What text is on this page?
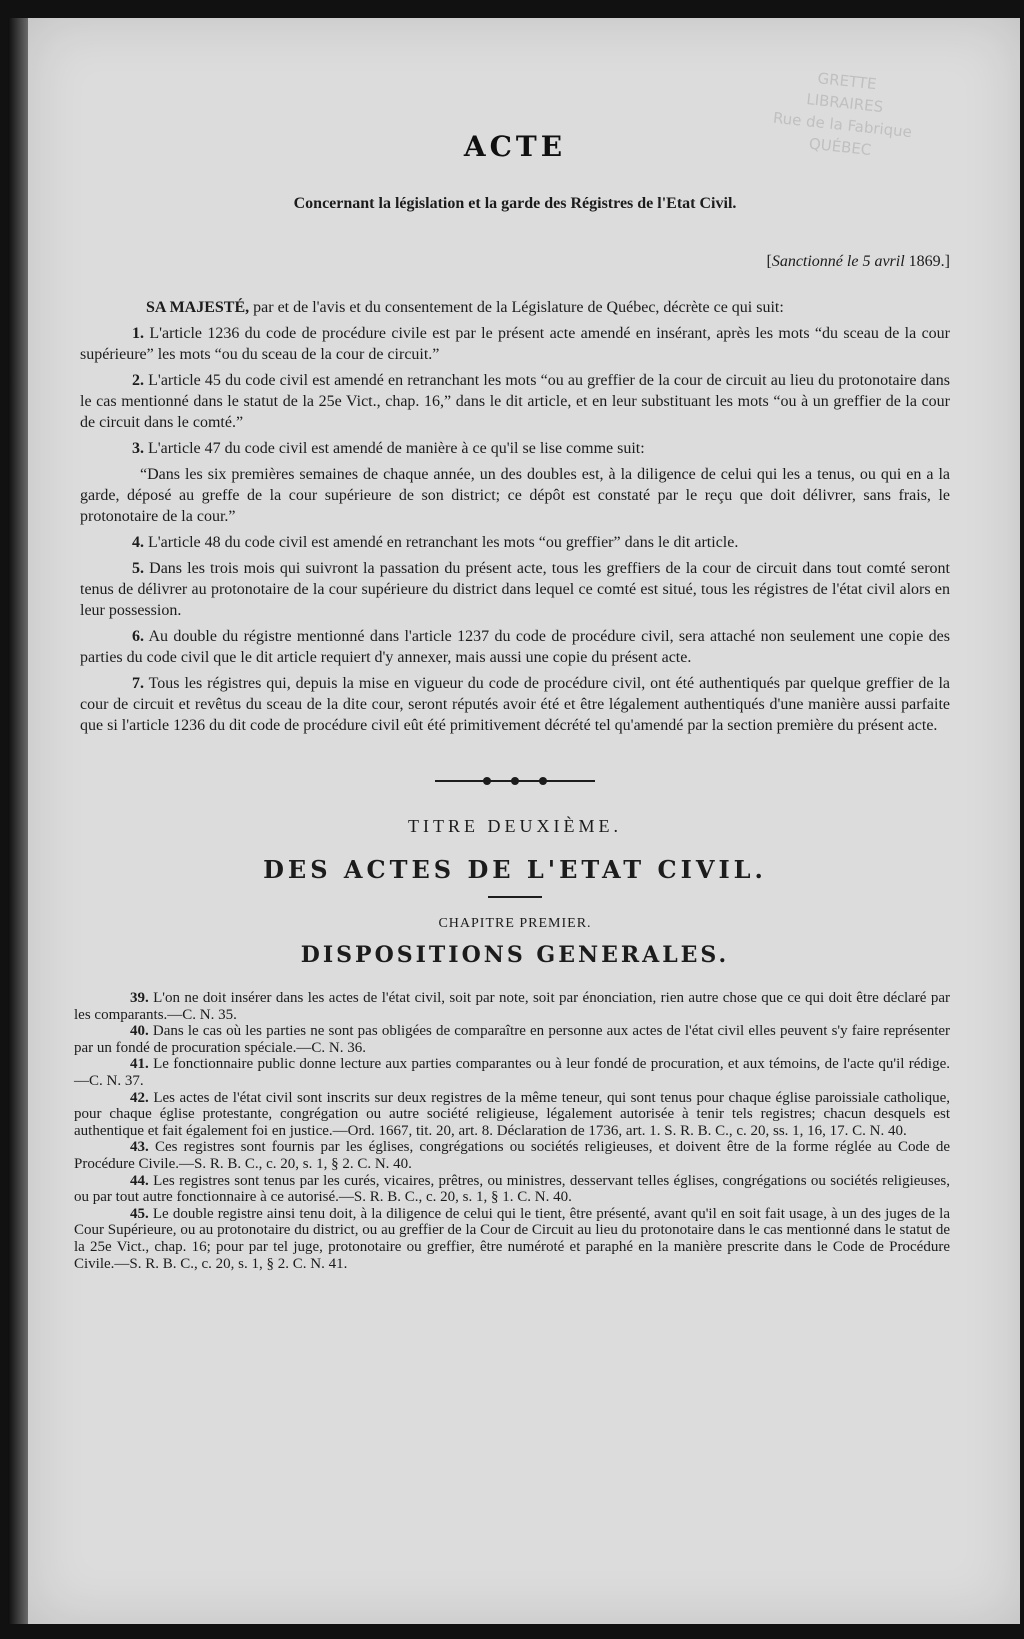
GRETTE
LIBRAIRES
Rue de la Fabrique
QUÉBEC
ACTE
Concernant la législation et la garde des Régistres de l'Etat Civil.
[Sanctionné le 5 avril 1869.]

SA MAJESTÉ, par et de l'avis et du consentement de la Législature de Québec, décrète ce qui suit:

1. L'article 1236 du code de procédure civile est par le présent acte amendé en insérant, après les mots “du sceau de la cour supérieure” les mots “ou du sceau de la cour de circuit.”

2. L'article 45 du code civil est amendé en retranchant les mots “ou au greffier de la cour de circuit au lieu du protonotaire dans le cas mentionné dans le statut de la 25e Vict., chap. 16,” dans le dit article, et en leur substituant les mots “ou à un greffier de la cour de circuit dans le comté.”

3. L'article 47 du code civil est amendé de manière à ce qu'il se lise comme suit:

“Dans les six premières semaines de chaque année, un des doubles est, à la diligence de celui qui les a tenus, ou qui en a la garde, déposé au greffe de la cour supérieure de son district; ce dépôt est constaté par le reçu que doit délivrer, sans frais, le protonotaire de la cour.”

4. L'article 48 du code civil est amendé en retranchant les mots “ou greffier” dans le dit article.

5. Dans les trois mois qui suivront la passation du présent acte, tous les greffiers de la cour de circuit dans tout comté seront tenus de délivrer au protonotaire de la cour supérieure du district dans lequel ce comté est situé, tous les régistres de l'état civil alors en leur possession.

6. Au double du régistre mentionné dans l'article 1237 du code de procédure civil, sera attaché non seulement une copie des parties du code civil que le dit article requiert d'y annexer, mais aussi une copie du présent acte.

7. Tous les régistres qui, depuis la mise en vigueur du code de procédure civil, ont été authentiqués par quelque greffier de la cour de circuit et revêtus du sceau de la dite cour, seront réputés avoir été et être légalement authentiqués d'une manière aussi parfaite que si l'article 1236 du dit code de procédure civil eût été primitivement décrété tel qu'amendé par la section première du présent acte.

TITRE DEUXIÈME.
DES ACTES DE L'ETAT CIVIL.
CHAPITRE PREMIER.
DISPOSITIONS GENERALES.

39. L'on ne doit insérer dans les actes de l'état civil, soit par note, soit par énonciation, rien autre chose que ce qui doit être déclaré par les comparants.—C. N. 35.

40. Dans le cas où les parties ne sont pas obligées de comparaître en personne aux actes de l'état civil elles peuvent s'y faire représenter par un fondé de procuration spéciale.—C. N. 36.

41. Le fonctionnaire public donne lecture aux parties comparantes ou à leur fondé de procuration, et aux témoins, de l'acte qu'il rédige.—C. N. 37.

42. Les actes de l'état civil sont inscrits sur deux registres de la même teneur, qui sont tenus pour chaque église paroissiale catholique, pour chaque église protestante, congrégation ou autre société religieuse, légalement autorisée à tenir tels registres; chacun desquels est authentique et fait également foi en justice.—Ord. 1667, tit. 20, art. 8. Déclaration de 1736, art. 1. S. R. B. C., c. 20, ss. 1, 16, 17. C. N. 40.

43. Ces registres sont fournis par les églises, congrégations ou sociétés religieuses, et doivent être de la forme réglée au Code de Procédure Civile.—S. R. B. C., c. 20, s. 1, § 2. C. N. 40.

44. Les registres sont tenus par les curés, vicaires, prêtres, ou ministres, desservant telles églises, congrégations ou sociétés religieuses, ou par tout autre fonctionnaire à ce autorisé.—S. R. B. C., c. 20, s. 1, § 1. C. N. 40.

45. Le double registre ainsi tenu doit, à la diligence de celui qui le tient, être présenté, avant qu'il en soit fait usage, à un des juges de la Cour Supérieure, ou au protonotaire du district, ou au greffier de la Cour de Circuit au lieu du protonotaire dans le cas mentionné dans le statut de la 25e Vict., chap. 16; pour par tel juge, protonotaire ou greffier, être numéroté et paraphé en la manière prescrite dans le Code de Procédure Civile.—S. R. B. C., c. 20, s. 1, § 2. C. N. 41.
